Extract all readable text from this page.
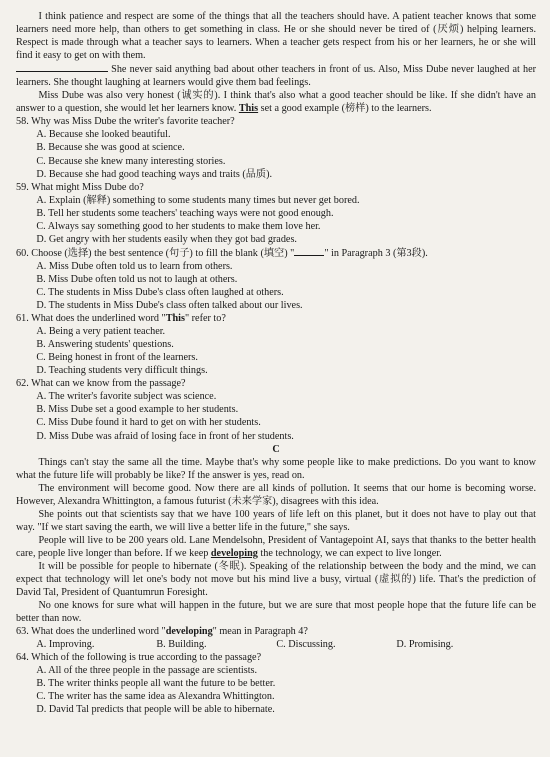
I think patience and respect are some of the things that all the teachers should have. A patient teacher knows that some learners need more help, than others to get something in class. He or she should never be tired of (厌烦) helping learners. Respect is made through what a teacher says to learners. When a teacher gets respect from his or her learners, he or she will find it easy to get on with them.

She never said anything bad about other teachers in front of us. Also, Miss Dube never laughed at her learners. She thought laughing at learners would give them bad feelings.

Miss Dube was also very honest (诚实的). I think that's also what a good teacher should be like. If she didn't have an answer to a question, she would let her learners know. This set a good example (榜样) to the learners.

58. Why was Miss Dube the writer's favorite teacher?

A. Because she looked beautiful.

B. Because she was good at science.

C. Because she knew many interesting stories.

D. Because she had good teaching ways and traits (品质).

59. What might Miss Dube do?

A. Explain (解释) something to some students many times but never get bored.

B. Tell her students some teachers' teaching ways were not good enough.

C. Always say something good to her students to make them love her.

D. Get angry with her students easily when they got bad grades.

60. Choose (选择) the best sentence (句子) to fill the blank (填空) "	" in Paragraph 3 (第3段).

A. Miss Dube often told us to learn from others.

B. Miss Dube often told us not to laugh at others.

C. The students in Miss Dube's class often laughed at others.

D. The students in Miss Dube's class often talked about our lives.

61. What does the underlined word "This" refer to?

A. Being a very patient teacher.

B. Answering students' questions.

C. Being honest in front of the learners.

D. Teaching students very difficult things.

62. What can we know from the passage?

A. The writer's favorite subject was science.

B. Miss Dube set a good example to her students.

C. Miss Dube found it hard to get on with her students.

D. Miss Dube was afraid of losing face in front of her students.

C

Things can't stay the same all the time. Maybe that's why some people like to make predictions. Do you want to know what the future life will probably be like? If the answer is yes, read on.

The environment will become good. Now there are all kinds of pollution. It seems that our home is becoming worse. However, Alexandra Whittington, a famous futurist (未来学家), disagrees with this idea.

She points out that scientists say that we have 100 years of life left on this planet, but it does not have to play out that way. "If we start saving the earth, we will live a better life in the future," she says.

People will live to be 200 years old. Lane Mendelsohn, President of Vantagepoint AI, says that thanks to the better health care, people live longer than before. If we keep developing the technology, we can expect to live longer.

It will be possible for people to hibernate (冬眠). Speaking of the relationship between the body and the mind, we can expect that technology will let one's body not move but his mind live a busy, virtual (虚拟的) life. That's the prediction of David Tal, President of Quantumrun Foresight.

No one knows for sure what will happen in the future, but we are sure that most people hope that the future life can be better than now.

63. What does the underlined word "developing" mean in Paragraph 4?

A. Improving.	B. Building.	C. Discussing.	D. Promising.

64. Which of the following is true according to the passage?

A. All of the three people in the passage are scientists.

B. The writer thinks people all want the future to be better.

C. The writer has the same idea as Alexandra Whittington.

D. David Tal predicts that people will be able to hibernate.
